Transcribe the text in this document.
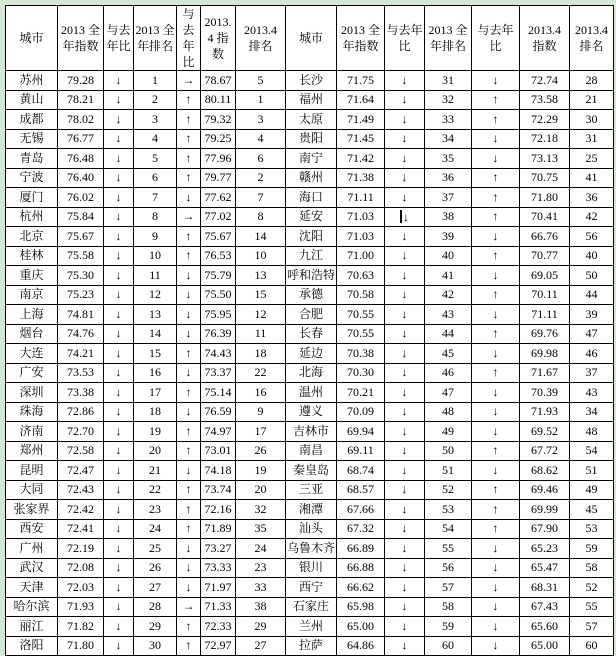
城市	2013 全年指数	与去年比	2013 全年排名	与去年比	2013.4 指数	2013.4 排名	城市	2013 全年指数	与去年比	2013 全年排名	与去年比	2013.4 指数	2013.4 排名
苏州	79.28	↓	1	→	78.67	5	长沙	71.75	↓	31	↓	72.74	28
黄山	78.21	↓	2	↑	80.11	1	福州	71.64	↓	32	↑	73.58	21
成都	78.02	↓	3	↑	79.32	3	太原	71.49	↓	33	↑	72.29	30
无锡	76.77	↓	4	↑	79.25	4	贵阳	71.45	↓	34	↓	72.18	31
青岛	76.48	↓	5	↑	77.96	6	南宁	71.42	↓	35	↓	73.13	25
宁波	76.40	↓	6	↑	79.77	2	赣州	71.38	↓	36	↑	70.75	41
厦门	76.02	↓	7	↓	77.62	7	海口	71.11	↓	37	↑	71.80	36
杭州	75.84	↓	8	→	77.02	8	延安	71.03	↓	38	↑	70.41	42
北京	75.67	↓	9	↑	75.67	14	沈阳	71.03	↓	39	↓	66.76	56
桂林	75.58	↓	10	↑	76.53	10	九江	71.00	↓	40	↑	70.77	40
重庆	75.30	↓	11	↓	75.79	13	呼和浩特	70.63	↓	41	↓	69.05	50
南京	75.23	↓	12	↓	75.50	15	承德	70.58	↓	42	↑	70.11	44
上海	74.81	↓	13	↓	75.95	12	合肥	70.55	↓	43	↓	71.11	39
烟台	74.76	↓	14	↓	76.39	11	长春	70.55	↓	44	↑	69.76	47
大连	74.21	↓	15	↑	74.43	18	延边	70.38	↓	45	↓	69.98	46
广安	73.53	↓	16	↓	73.37	22	北海	70.30	↓	46	↑	71.67	37
深圳	73.38	↓	17	↑	75.14	16	温州	70.21	↓	47	↓	70.39	43
珠海	72.86	↓	18	↓	76.59	9	遵义	70.09	↓	48	↓	71.93	34
济南	72.70	↓	19	↑	74.97	17	吉林市	69.94	↓	49	↓	69.52	48
郑州	72.58	↓	20	↑	73.01	26	南昌	69.11	↓	50	↑	67.72	54
昆明	72.47	↓	21	↓	74.18	19	秦皇岛	68.74	↓	51	↓	68.62	51
大同	72.43	↓	22	↑	73.74	20	三亚	68.57	↓	52	↑	69.46	49
张家界	72.42	↓	23	↑	72.16	32	湘潭	67.66	↓	53	↑	69.99	45
西安	72.41	↓	24	↑	71.89	35	汕头	67.32	↓	54	↑	67.90	53
广州	72.19	↓	25	↓	73.27	24	乌鲁木齐	66.89	↓	55	↓	65.23	59
武汉	72.08	↓	26	↓	73.33	23	银川	66.88	↓	56	↓	65.47	58
天津	72.03	↓	27	↓	71.97	33	西宁	66.62	↓	57	↓	68.31	52
哈尔滨	71.93	↓	28	→	71.33	38	石家庄	65.98	↓	58	↓	67.43	55
丽江	71.82	↓	29	↑	72.33	29	兰州	65.00	↓	59	↓	65.60	57
洛阳	71.80	↓	30	↑	72.97	27	拉萨	64.86	↓	60	↓	65.00	60
